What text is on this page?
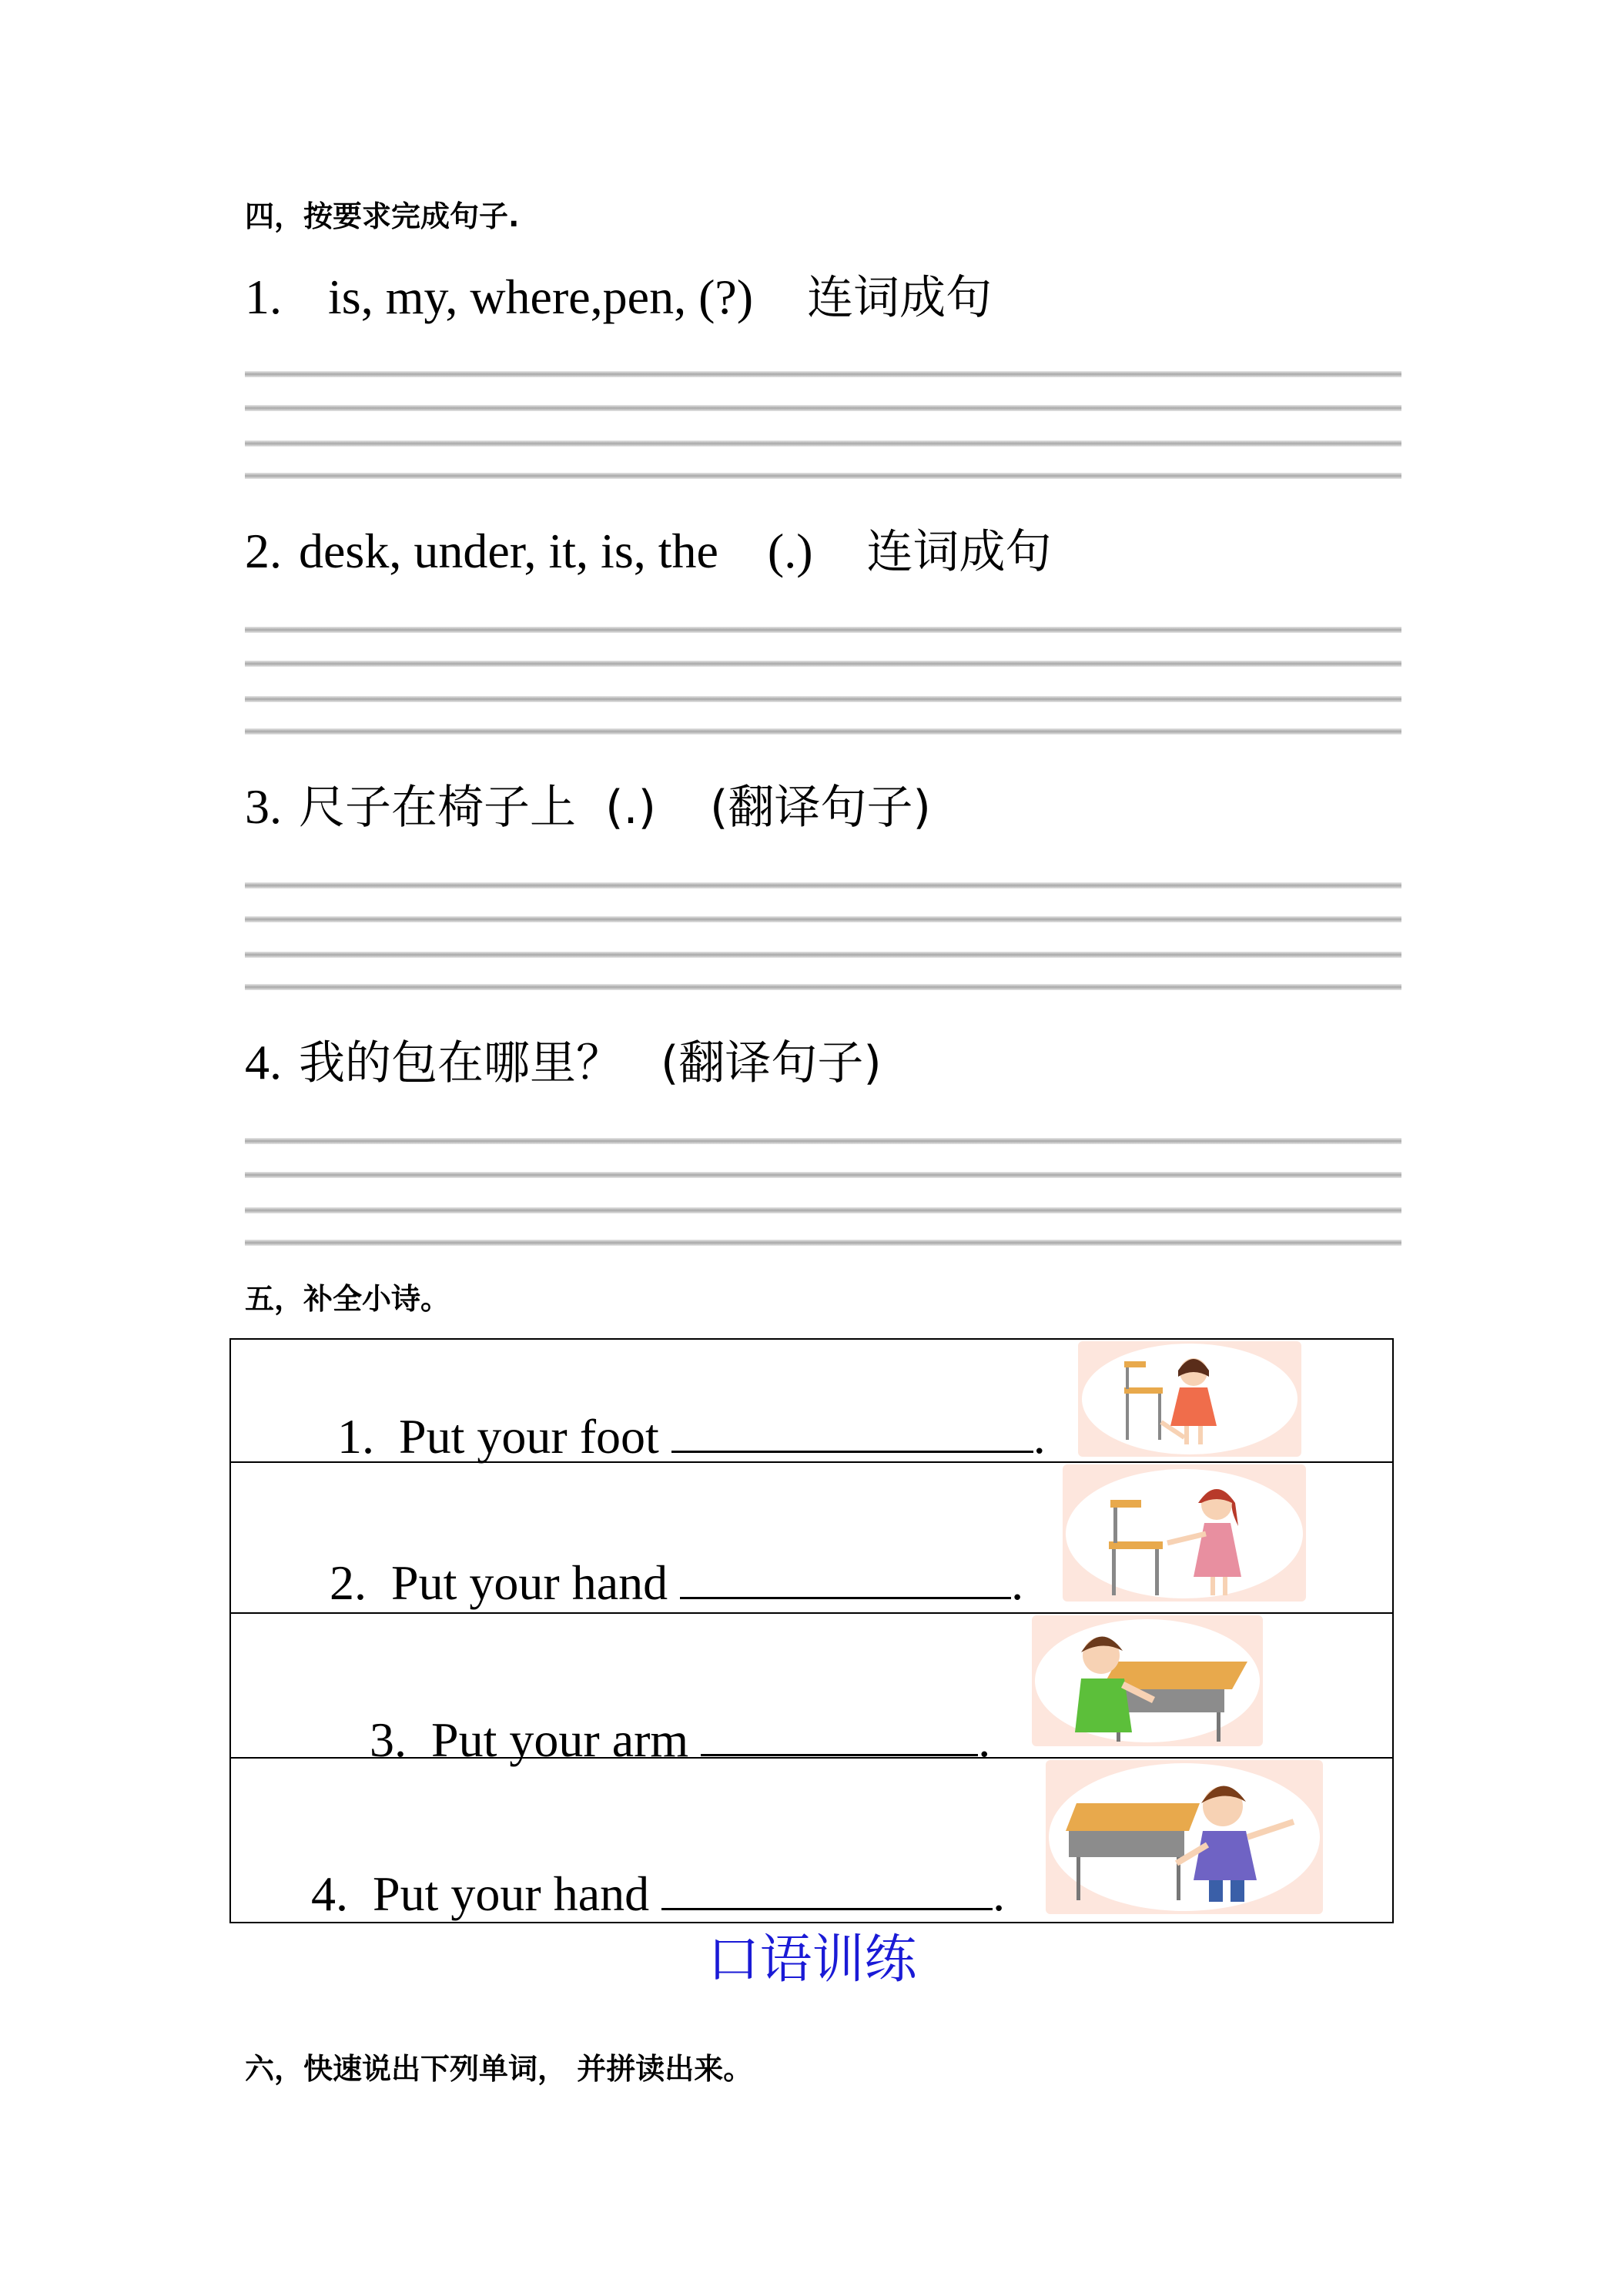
四，按要求完成句子.
1. is, my, where,pen, (?) 连词成句
2. desk, under, it, is, the    (.) 连词成句
3. 尺子在椅子上  (.) (翻译句子)
4. 我的包在哪里？ (翻译句子)
五，补全小诗。
1. Put your foot	.
2. Put your hand	.
3. Put your arm	.
4. Put your hand	.
口语训练
六，快速说出下列单词， 并拼读出来。
